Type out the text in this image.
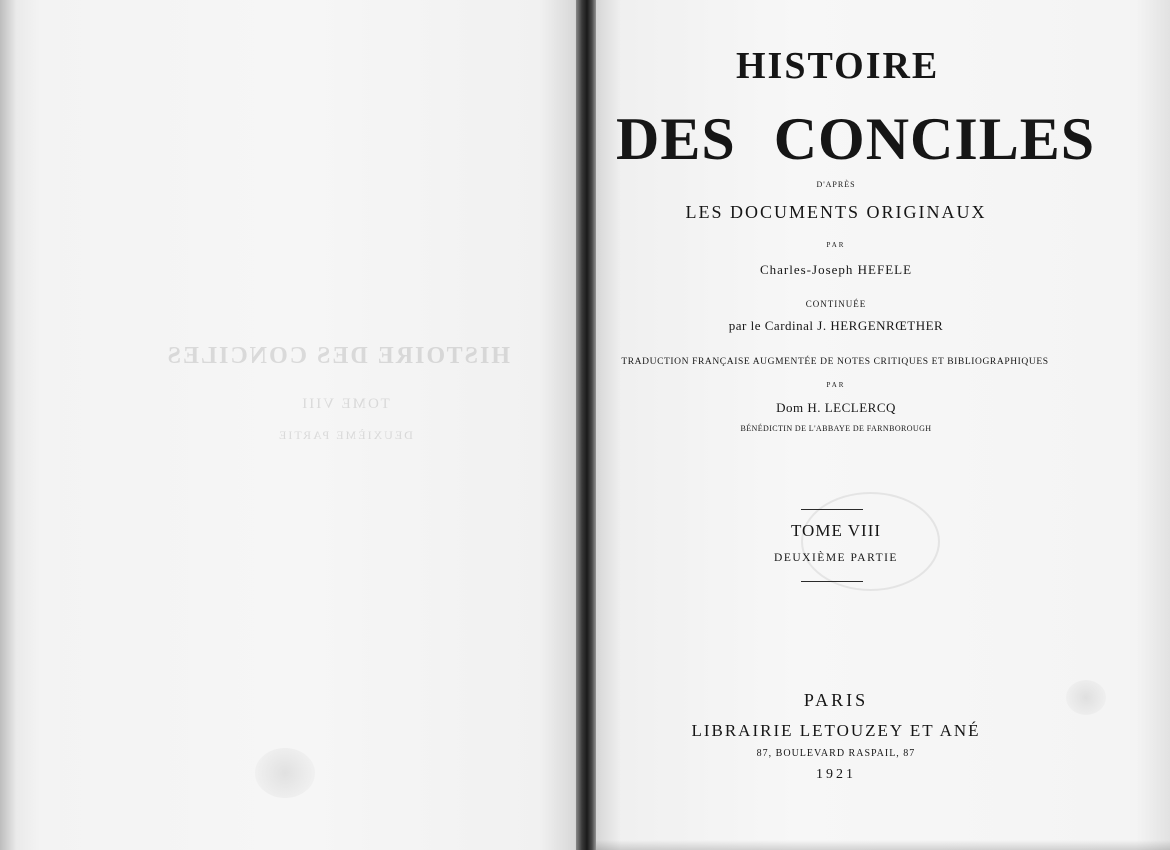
HISTOIRE DES CONCILES
TOME VIII
DEUXIÈME PARTIE
HISTOIRE
DES CONCILES
D'APRÈS
LES DOCUMENTS ORIGINAUX
PAR
Charles-Joseph HEFELE
CONTINUÉE
par le Cardinal J. HERGENRŒTHER
TRADUCTION FRANÇAISE AUGMENTÉE DE NOTES CRITIQUES ET BIBLIOGRAPHIQUES
PAR
Dom H. LECLERCQ
BÉNÉDICTIN DE L'ABBAYE DE FARNBOROUGH
TOME VIII
DEUXIÈME PARTIE
PARIS
LIBRAIRIE LETOUZEY ET ANÉ
87, BOULEVARD RASPAIL, 87
1921
